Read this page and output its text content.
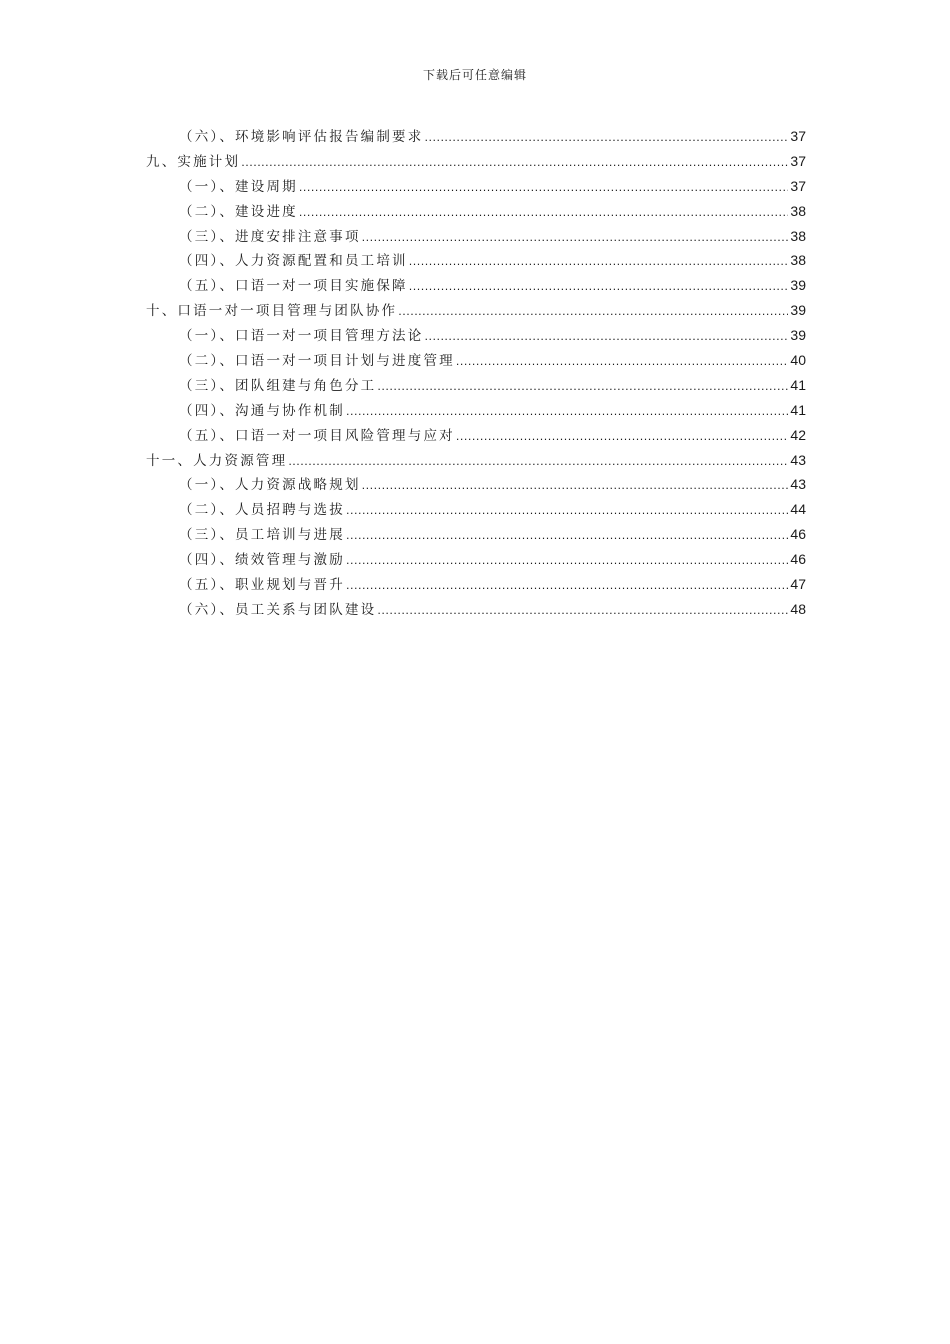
下载后可任意编辑
（六）、环境影响评估报告编制要求 .....	37
九、实施计划 .....	37
（一）、建设周期 .....	37
（二）、建设进度 .....	38
（三）、进度安排注意事项 .....	38
（四）、人力资源配置和员工培训 .....	38
（五）、口语一对一项目实施保障 .....	39
十、口语一对一项目管理与团队协作 .....	39
（一）、口语一对一项目管理方法论 .....	39
（二）、口语一对一项目计划与进度管理 .....	40
（三）、团队组建与角色分工 .....	41
（四）、沟通与协作机制 .....	41
（五）、口语一对一项目风险管理与应对 .....	42
十一、人力资源管理 .....	43
（一）、人力资源战略规划 .....	43
（二）、人员招聘与选拔 .....	44
（三）、员工培训与进展 .....	46
（四）、绩效管理与激励 .....	46
（五）、职业规划与晋升 .....	47
（六）、员工关系与团队建设 .....	48
